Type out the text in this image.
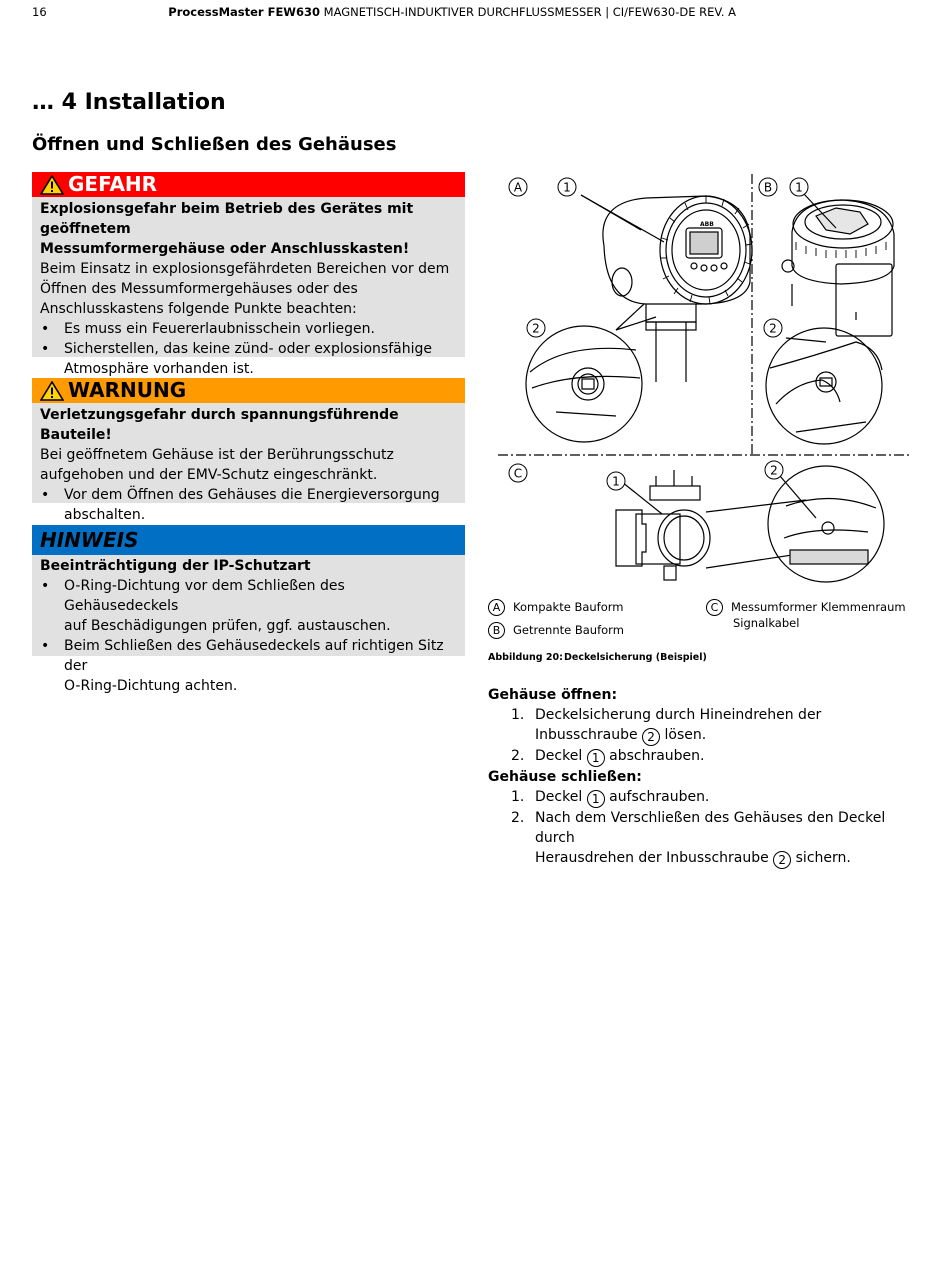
16	ProcessMaster FEW630 MAGNETISCH-INDUKTIVER DURCHFLUSSMESSER | CI/FEW630-DE REV. A
… 4 Installation
Öffnen und Schließen des Gehäuses
GEFAHR
Explosionsgefahr beim Betrieb des Gerätes mit geöffnetem
Messumformergehäuse oder Anschlusskasten!
Beim Einsatz in explosionsgefährdeten Bereichen vor dem
Öffnen des Messumformergehäuses oder des
Anschlusskastens folgende Punkte beachten:
• Es muss ein Feuererlaubnisschein vorliegen.
• Sicherstellen, das keine zünd- oder explosionsfähige
Atmosphäre vorhanden ist.
WARNUNG
Verletzungsgefahr durch spannungsführende Bauteile!
Bei geöffnetem Gehäuse ist der Berührungsschutz
aufgehoben und der EMV-Schutz eingeschränkt.
• Vor dem Öffnen des Gehäuses die Energieversorgung
abschalten.
HINWEIS
Beeinträchtigung der IP-Schutzart
• O-Ring-Dichtung vor dem Schließen des Gehäusedeckels
auf Beschädigungen prüfen, ggf. austauschen.
• Beim Schließen des Gehäusedeckels auf richtigen Sitz der
O-Ring-Dichtung achten.
ABB
A	1
2
B 1
2
C
1
2
A Kompakte Bauform
B Getrennte Bauform
C Messumformer Klemmenraum
Signalkabel
Abbildung 20:Deckelsicherung (Beispiel)
Gehäuse öffnen:
1. Deckelsicherung durch Hineindrehen der
Inbusschraube 2 lösen.
2. Deckel 1 abschrauben.
Gehäuse schließen:
1. Deckel 1 aufschrauben.
2. Nach dem Verschließen des Gehäuses den Deckel durch
Herausdrehen der Inbusschraube 2 sichern.
